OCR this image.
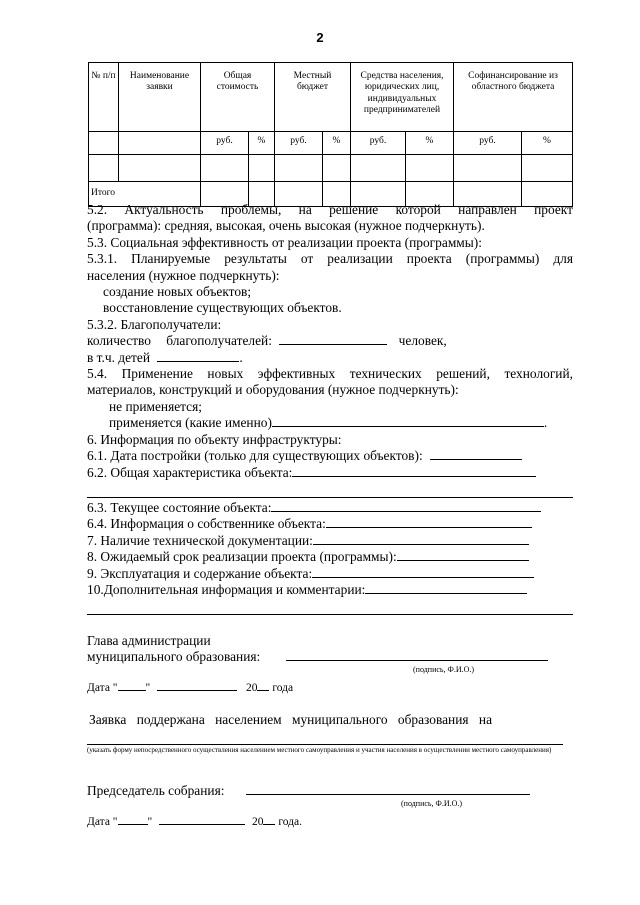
2
№ п/п	Наименование заявки	Общая стоимость		Местный бюджет		Средства населения, юридических лиц, индивидуальных предпринимателей		Софинансирование из областного бюджета	
		руб.	%	руб.	%	руб.	%	руб.	%

Итого									

5.2. Актуальность проблемы, на решение которой направлен проект

(программа): средняя, высокая, очень высокая (нужное подчеркнуть).

5.3. Социальная эффективность от реализации проекта (программы):

5.3.1. Планируемые результаты от реализации проекта (программы) для

населения (нужное подчеркнуть):

создание новых объектов;

восстановление существующих объектов.

5.3.2. Благополучатели:

количество благополучателей:	человек,

в т.ч. детей	.

5.4. Применение новых эффективных технических решений, технологий,

материалов, конструкций и оборудования (нужное подчеркнуть):

не применяется;

применяется (какие именно)	.

6. Информация по объекту инфраструктуры:

6.1. Дата постройки (только для существующих объектов):

6.2. Общая характеристика объекта:

6.3. Текущее состояние объекта:

6.4. Информация о собственнике объекта:

7. Наличие технической документации:

8. Ожидаемый срок реализации проекта (программы):

9. Эксплуатация и содержание объекта:

10.Дополнительная информация и комментарии:

Глава администрации

муниципального образования:

(подпись, Ф.И.О.)

Дата " "	20 года

Заявка поддержана населением муниципального образования на

(указать форму непосредственного осуществления населением местного самоуправления и участия населения в осуществлении местного самоуправления)

Председатель собрания:

(подпись, Ф.И.О.)

Дата "	"	20 года.
